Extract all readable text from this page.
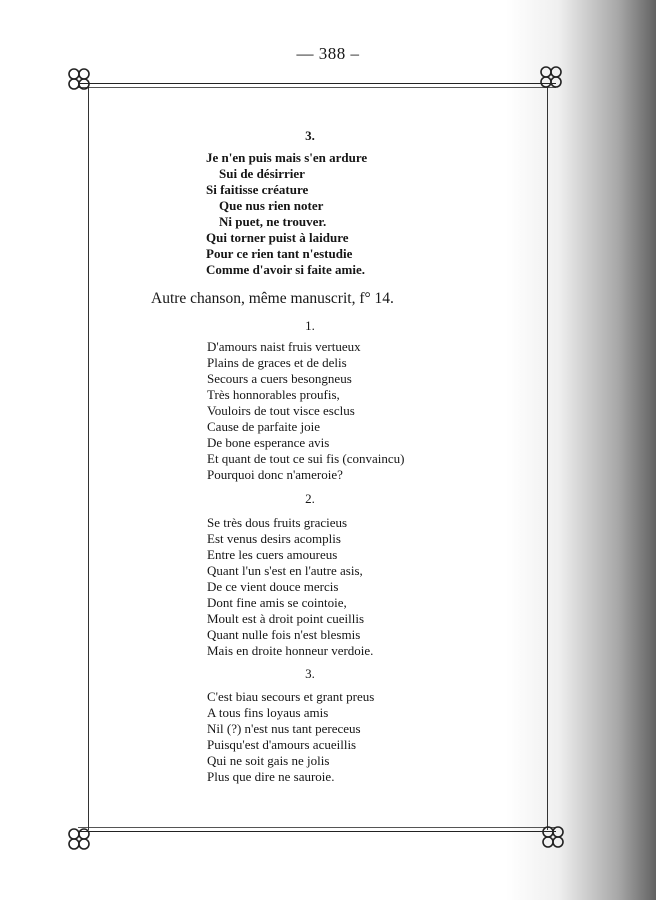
— 388 –
3.
Je n'en puis mais s'en ardure
Sui de désirrier
Si faitisse créature
Que nus rien noter
Ni puet, ne trouver.
Qui torner puist à laidure
Pour ce rien tant n'estudie
Comme d'avoir si faite amie.
Autre chanson, même manuscrit, f° 14.
1.
D'amours naist fruis vertueux
Plains de graces et de delis
Secours a cuers besongneus
Très honnorables proufis,
Vouloirs de tout visce esclus
Cause de parfaite joie
De bone esperance avis
Et quant de tout ce sui fis (convaincu)
Pourquoi donc n'ameroie?
2.
Se très dous fruits gracieus
Est venus desirs acomplis
Entre les cuers amoureus
Quant l'un s'est en l'autre asis,
De ce vient douce mercis
Dont fine amis se cointoie,
Moult est à droit point cueillis
Quant nulle fois n'est blesmis
Mais en droite honneur verdoie.
3.
C'est biau secours et grant preus
A tous fins loyaus amis
Nil (?) n'est nus tant pereceus
Puisqu'est d'amours acueillis
Qui ne soit gais ne jolis
Plus que dire ne sauroie.
